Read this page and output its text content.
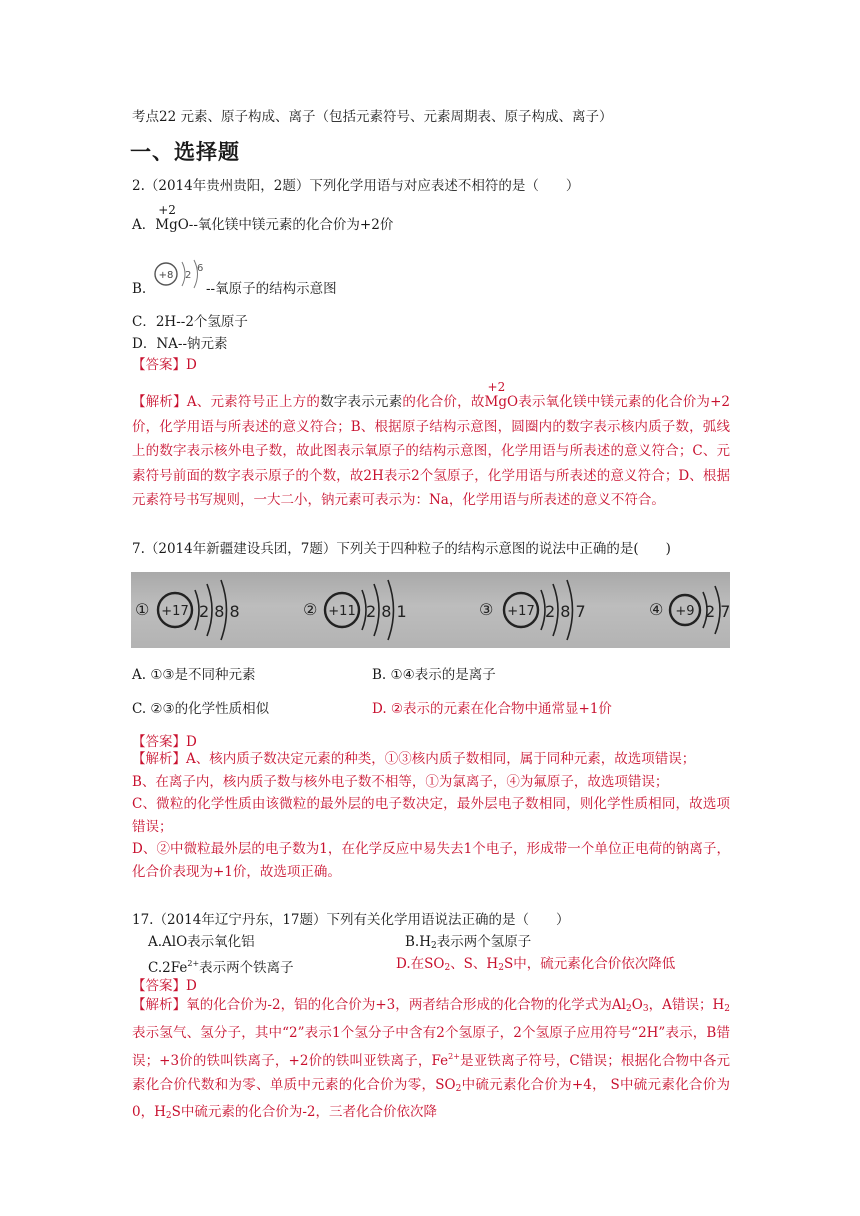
考点22 元素、原子构成、离子（包括元素符号、元素周期表、原子构成、离子）
一、选择题
2.（2014年贵州贵阳，2题）下列化学用语与对应表述不相符的是（　　）
A．
+2
MgO--氧化镁中镁元素的化合价为+2价
B.
+8 2
6
--氧原子的结构示意图
C．2H--2个氢原子
D．NA--钠元素
【答案】D
【解析】A、元素符号正上方的数字表示元素的化合价，故
+2
MgO表示氧化镁中镁元素的化合价为+2价，化学用语与所表述的意义符合；B、根据原子结构示意图，圆圈内的数字表示核内质子数，弧线上的数字表示核外电子数，故此图表示氧原子的结构示意图，化学用语与所表述的意义符合；C、元素符号前面的数字表示原子的个数，故2H表示2个氢原子，化学用语与所表述的意义符合；D、根据元素符号书写规则，一大二小，钠元素可表示为：Na，化学用语与所表述的意义不符合。
7.（2014年新疆建设兵团，7题）下列关于四种粒子的结构示意图的说法中正确的是(　　)
① +17 2 8 8	② +11 2 8 1	③ +17 2 8 7	④ +9 2 7
A. ①③是不同种元素	B. ①④表示的是离子
C. ②③的化学性质相似	D. ②表示的元素在化合物中通常显+1价
【答案】D
【解析】A、核内质子数决定元素的种类，①③核内质子数相同，属于同种元素，故选项错误；
B、在离子内，核内质子数与核外电子数不相等，①为氯离子，④为氟原子，故选项错误；
C、微粒的化学性质由该微粒的最外层的电子数决定，最外层电子数相同，则化学性质相同，故选项错误；
D、②中微粒最外层的电子数为1，在化学反应中易失去1个电子，形成带一个单位正电荷的钠离子，化合价表现为+1价，故选项正确。
17.（2014年辽宁丹东，17题）下列有关化学用语说法正确的是（　　）
A.AlO表示氧化铝	$B.H_2$表示两个氢原子
$C.2Fe^{2+}$表示两个铁离子	D.在$SO_2$、S、$H_2S$中，硫元素化合价依次降低
【答案】D
【解析】氧的化合价为-2，铝的化合价为+3，两者结合形成的化合物的化学式为$Al_2O_3$，A错误；$H_2$表示氢气、氢分子，其中“2”表示1个氢分子中含有2个氢原子，2个氢原子应用符号“2H”表示，B错误；+3价的铁叫铁离子，+2价的铁叫亚铁离子，$Fe^{2+}$是亚铁离子符号，C错误；根据化合物中各元素化合价代数和为零、单质中元素的化合价为零，$SO_2$中硫元素化合价为+4， S中硫元素化合价为0，$H_2S$中硫元素的化合价为-2，三者化合价依次降
